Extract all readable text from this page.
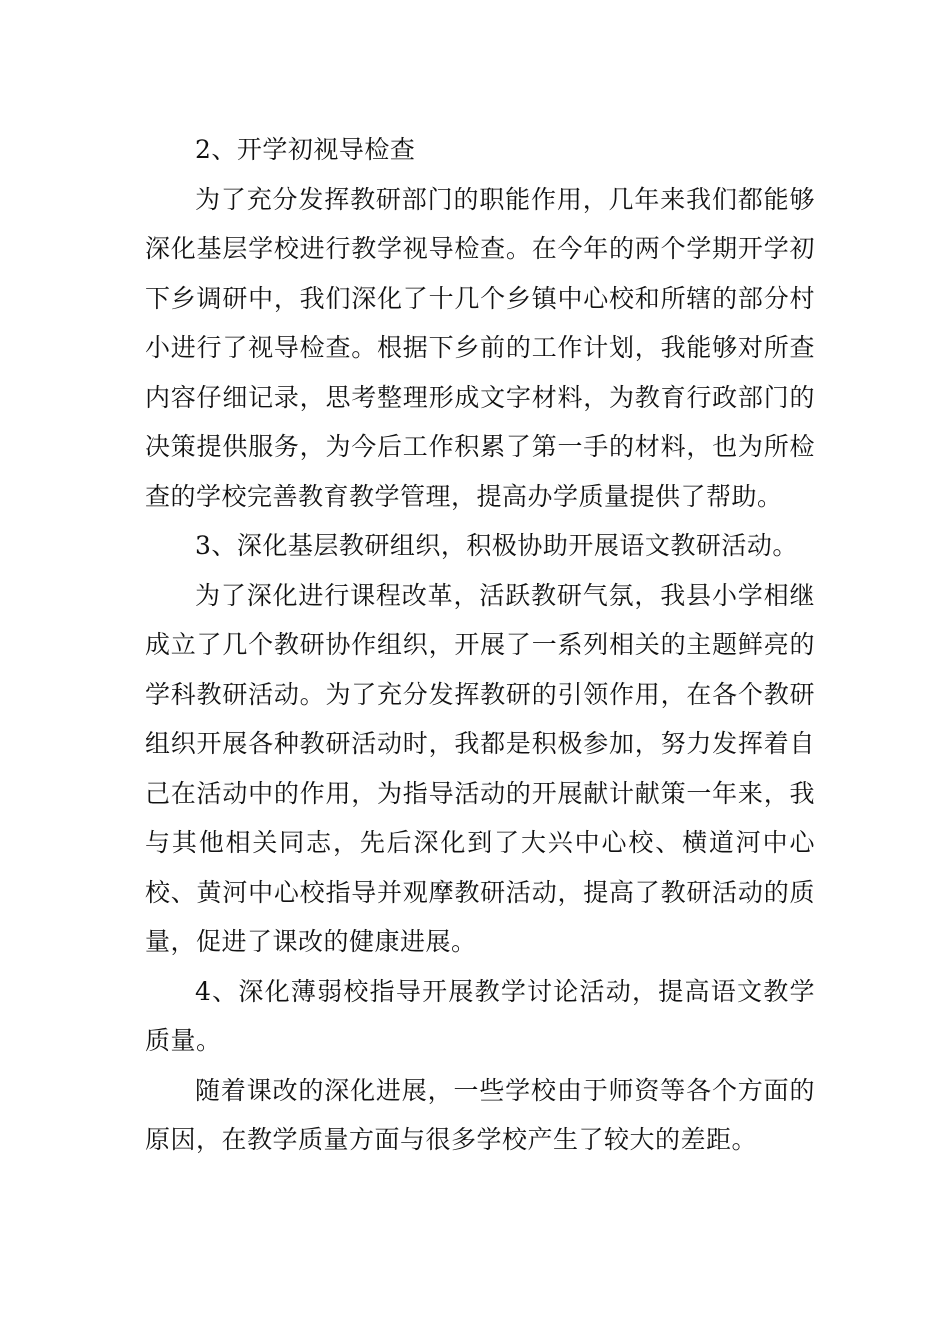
2、开学初视导检查

为了充分发挥教研部门的职能作用，几年来我们都能够深化基层学校进行教学视导检查。在今年的两个学期开学初下乡调研中，我们深化了十几个乡镇中心校和所辖的部分村小进行了视导检查。根据下乡前的工作计划，我能够对所查内容仔细记录，思考整理形成文字材料，为教育行政部门的决策提供服务，为今后工作积累了第一手的材料，也为所检查的学校完善教育教学管理，提高办学质量提供了帮助。

3、深化基层教研组织，积极协助开展语文教研活动。

为了深化进行课程改革，活跃教研气氛，我县小学相继成立了几个教研协作组织，开展了一系列相关的主题鲜亮的学科教研活动。为了充分发挥教研的引领作用，在各个教研组织开展各种教研活动时，我都是积极参加，努力发挥着自己在活动中的作用，为指导活动的开展献计献策一年来，我与其他相关同志，先后深化到了大兴中心校、横道河中心校、黄河中心校指导并观摩教研活动，提高了教研活动的质量，促进了课改的健康进展。

4、深化薄弱校指导开展教学讨论活动，提高语文教学质量。

随着课改的深化进展，一些学校由于师资等各个方面的原因，在教学质量方面与很多学校产生了较大的差距。
